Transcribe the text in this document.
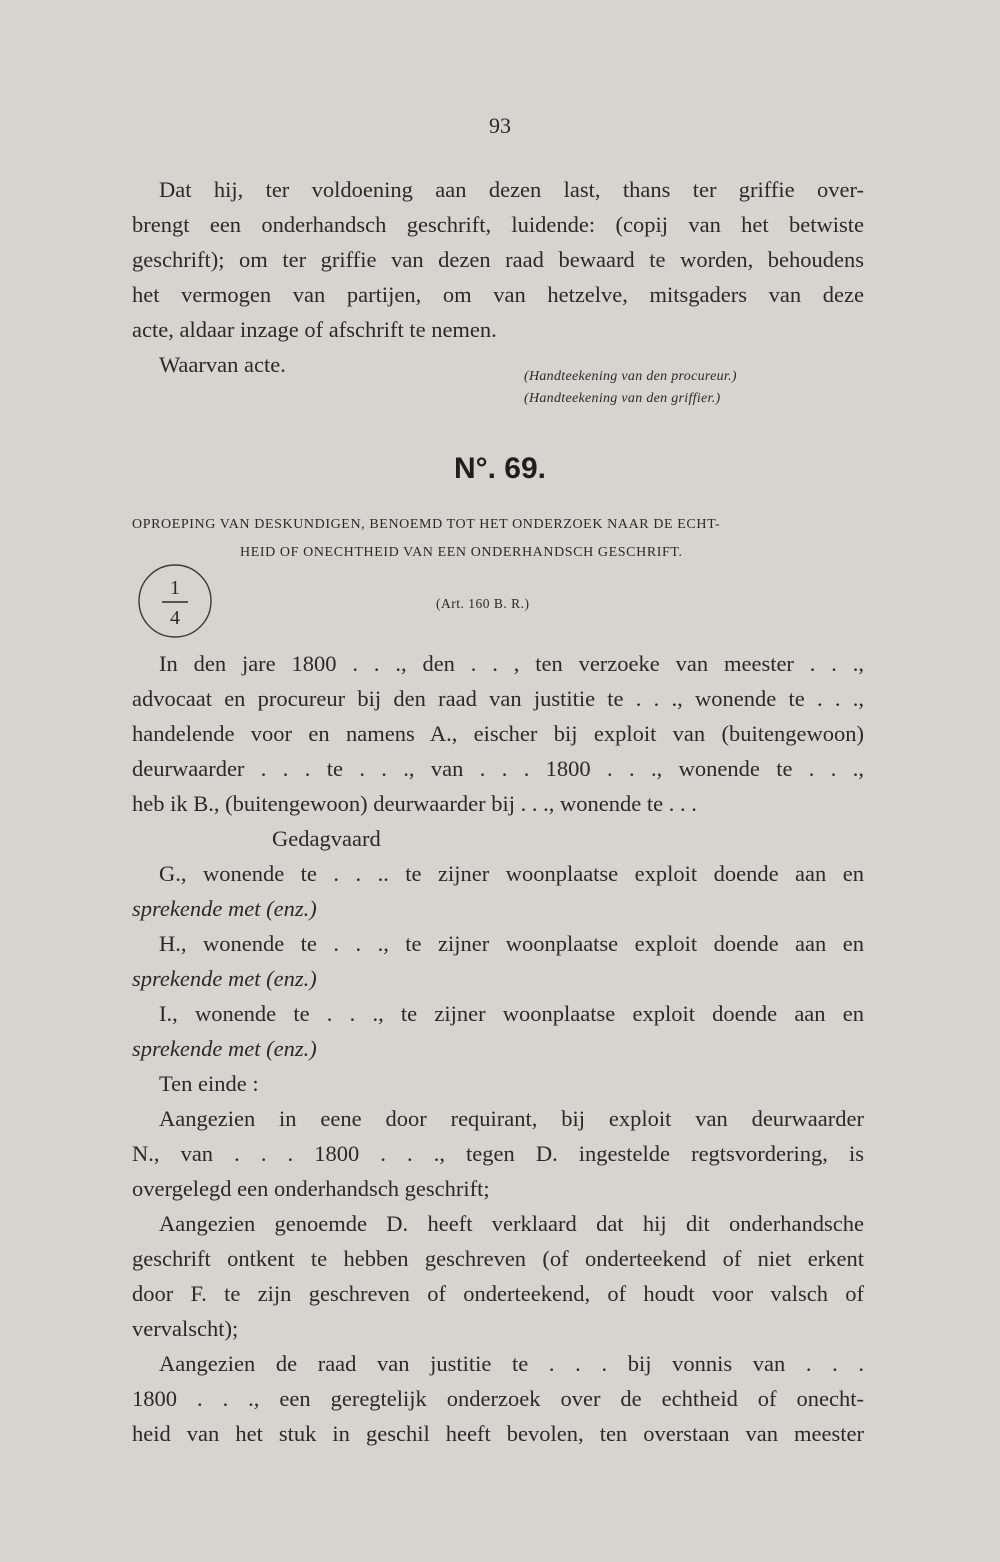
93
Dat hij, ter voldoening aan dezen last, thans ter griffie over-
brengt een onderhandsch geschrift, luidende: (copij van het betwiste
geschrift); om ter griffie van dezen raad bewaard te worden, behoudens
het vermogen van partijen, om van hetzelve, mitsgaders van deze
acte, aldaar inzage of afschrift te nemen.
Waarvan acte.	(Handteekening van den procureur.)
(Handteekening van den griffier.)
N°. 69.
OPROEPING VAN DESKUNDIGEN, BENOEMD TOT HET ONDERZOEK NAAR DE ECHT-
HEID OF ONECHTHEID VAN EEN ONDERHANDSCH GESCHRIFT.
1
4
(Art. 160 B. R.)
In den jare 1800 . . ., den . . , ten verzoeke van meester . . .,
advocaat en procureur bij den raad van justitie te . . ., wonende te . . .,
handelende voor en namens A., eischer bij exploit van (buitengewoon)
deurwaarder . . . te . . ., van . . . 1800 . . ., wonende te . . .,
heb ik B., (buitengewoon) deurwaarder bij . . ., wonende te . . .
Gedagvaard
G., wonende te . . .. te zijner woonplaatse exploit doende aan en
sprekende met (enz.)
H., wonende te . . ., te zijner woonplaatse exploit doende aan en
sprekende met (enz.)
I., wonende te . . ., te zijner woonplaatse exploit doende aan en
sprekende met (enz.)
Ten einde :
Aangezien in eene door requirant, bij exploit van deurwaarder
N., van . . . 1800 . . ., tegen D. ingestelde regtsvordering, is
overgelegd een onderhandsch geschrift;
Aangezien genoemde D. heeft verklaard dat hij dit onderhandsche
geschrift ontkent te hebben geschreven (of onderteekend of niet erkent
door F. te zijn geschreven of onderteekend, of houdt voor valsch of
vervalscht);
Aangezien de raad van justitie te . . . bij vonnis van . . .
1800 . . ., een geregtelijk onderzoek over de echtheid of onecht-
heid van het stuk in geschil heeft bevolen, ten overstaan van meester
